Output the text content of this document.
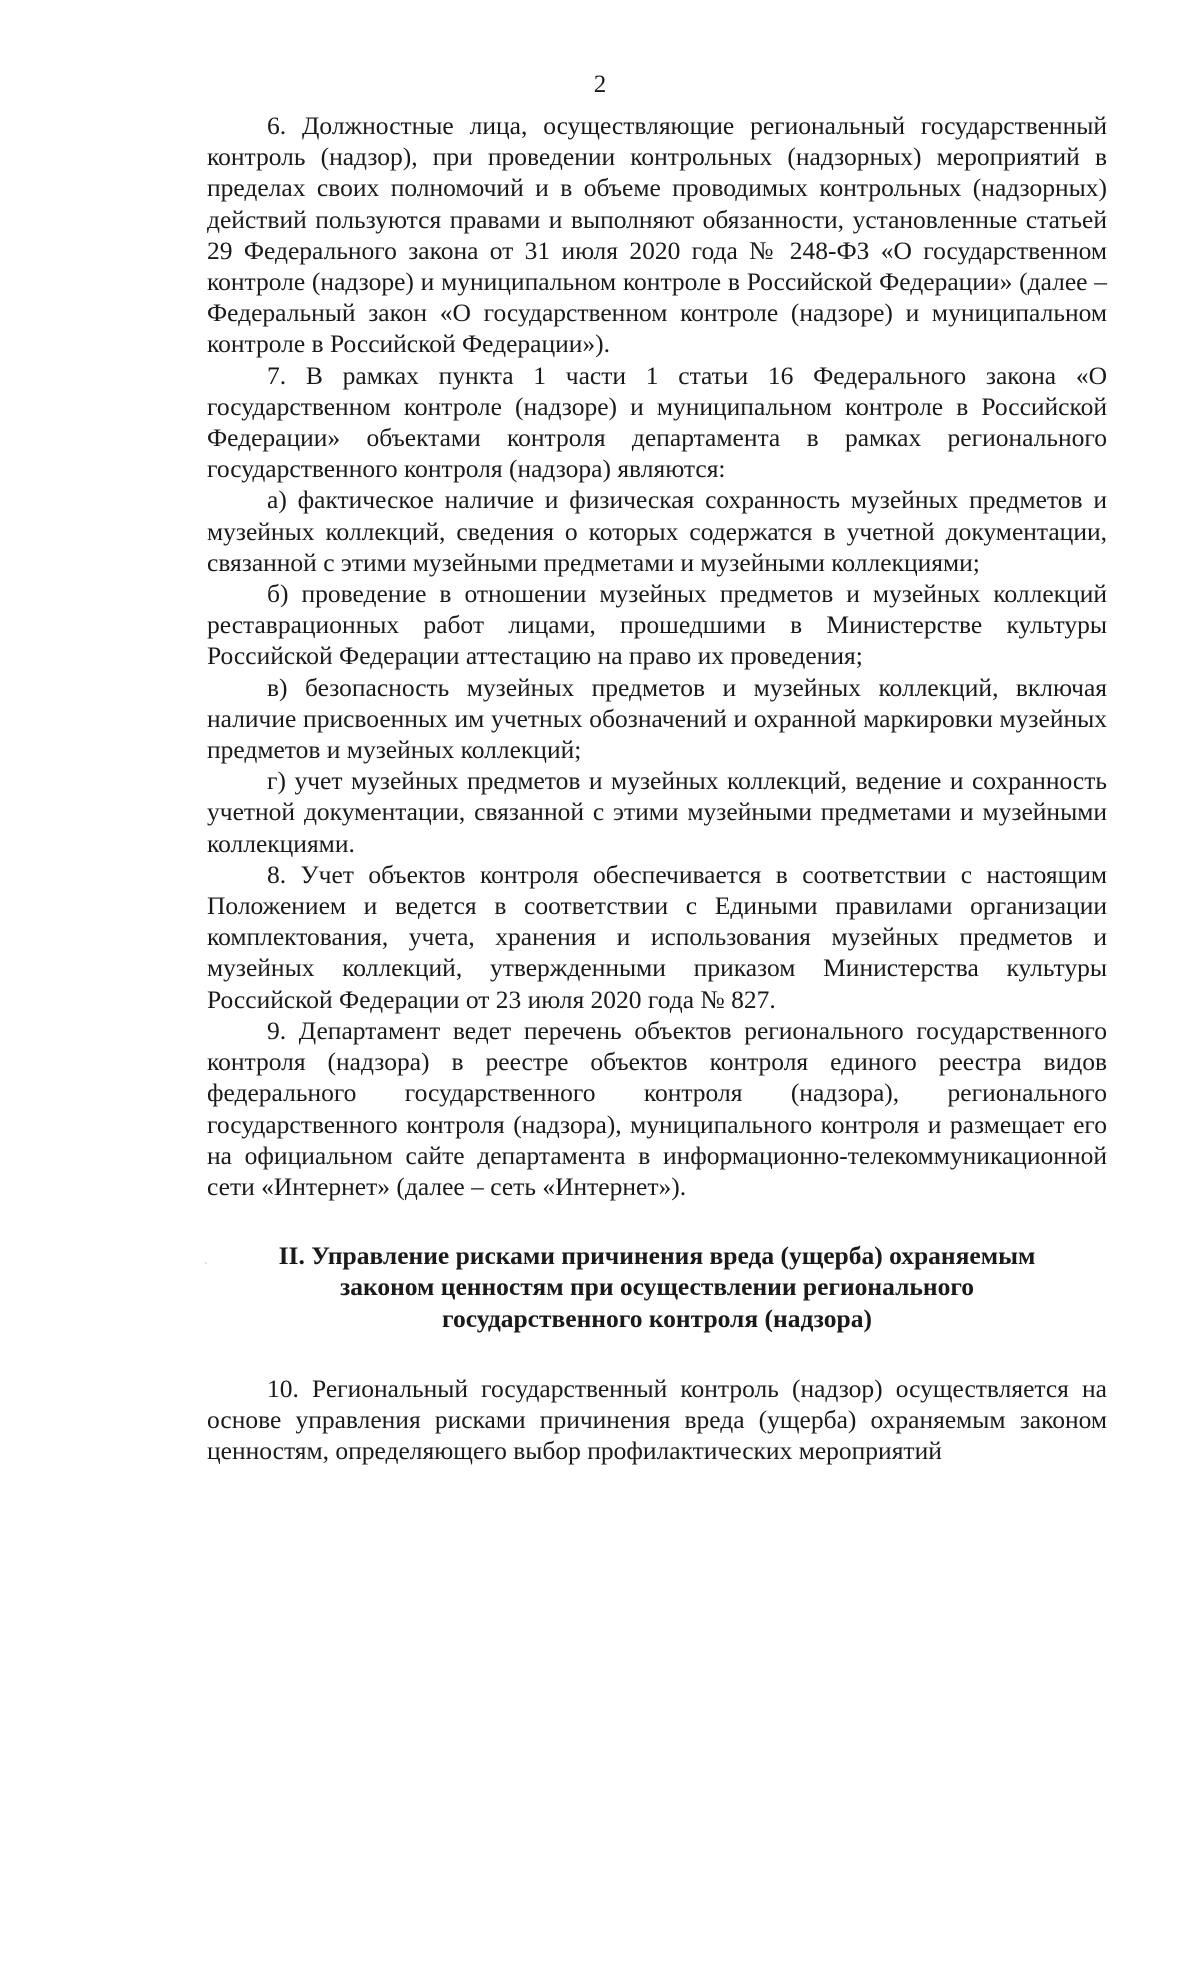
2

6. Должностные лица, осуществляющие региональный государственный контроль (надзор), при проведении контрольных (надзорных) мероприятий в пределах своих полномочий и в объеме проводимых контрольных (надзорных) действий пользуются правами и выполняют обязанности, установленные статьей 29 Федерального закона от 31 июля 2020 года № 248-ФЗ «О государственном контроле (надзоре) и муниципальном контроле в Российской Федерации» (далее – Федеральный закон «О государственном контроле (надзоре) и муниципальном контроле в Российской Федерации»).

7. В рамках пункта 1 части 1 статьи 16 Федерального закона «О государственном контроле (надзоре) и муниципальном контроле в Российской Федерации» объектами контроля департамента в рамках регионального государственного контроля (надзора) являются:

а) фактическое наличие и физическая сохранность музейных предметов и музейных коллекций, сведения о которых содержатся в учетной документации, связанной с этими музейными предметами и музейными коллекциями;

б) проведение в отношении музейных предметов и музейных коллекций реставрационных работ лицами, прошедшими в Министерстве культуры Российской Федерации аттестацию на право их проведения;

в) безопасность музейных предметов и музейных коллекций, включая наличие присвоенных им учетных обозначений и охранной маркировки музейных предметов и музейных коллекций;

г) учет музейных предметов и музейных коллекций, ведение и сохранность учетной документации, связанной с этими музейными предметами и музейными коллекциями.

8. Учет объектов контроля обеспечивается в соответствии с настоящим Положением и ведется в соответствии с Едиными правилами организации комплектования, учета, хранения и использования музейных предметов и музейных коллекций, утвержденными приказом Министерства культуры Российской Федерации от 23 июля 2020 года № 827.

9. Департамент ведет перечень объектов регионального государственного контроля (надзора) в реестре объектов контроля единого реестра видов федерального государственного контроля (надзора), регионального государственного контроля (надзора), муниципального контроля и размещает его на официальном сайте департамента в информационно-телекоммуникационной сети «Интернет» (далее – сеть «Интернет»).

II. Управление рисками причинения вреда (ущерба) охраняемым
законом ценностям при осуществлении регионального
государственного контроля (надзора)

10. Региональный государственный контроль (надзор) осуществляется на основе управления рисками причинения вреда (ущерба) охраняемым законом ценностям, определяющего выбор профилактических мероприятий
